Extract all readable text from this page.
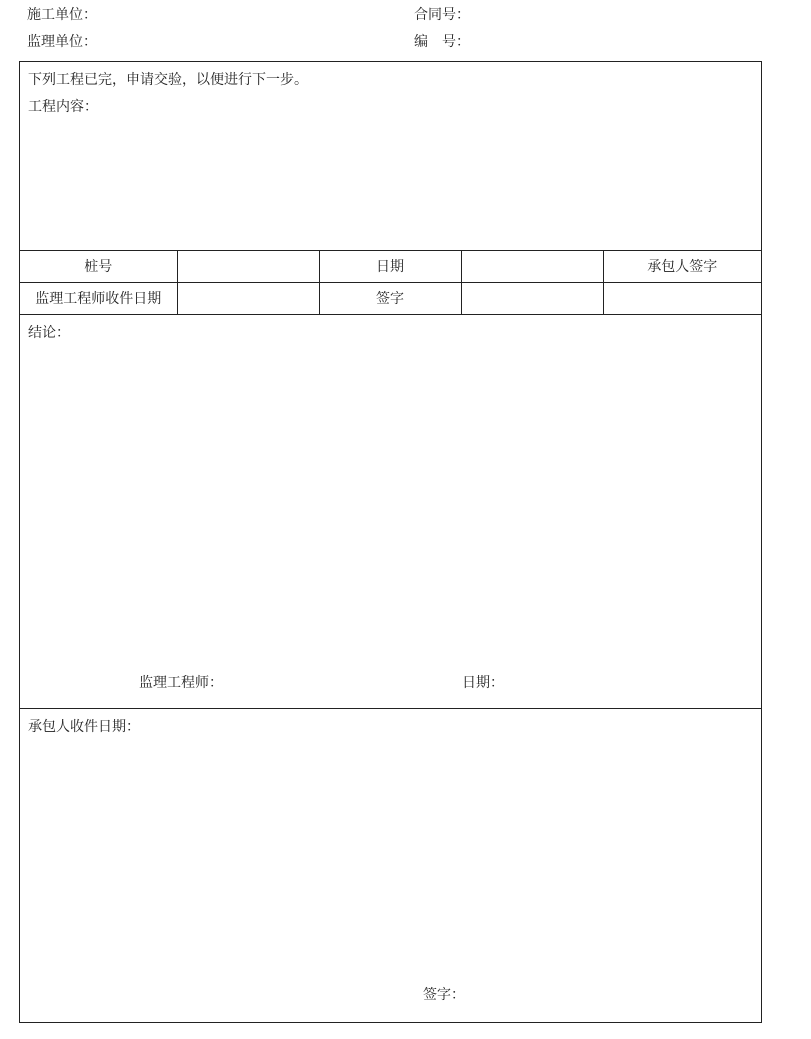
施工单位：	合同号：
监理单位：	编　号：
下列工程已完，申请交验，以便进行下一步。
工程内容：
桩号		日期		承包人签字
监理工程师收件日期		签字		
结论：
监理工程师：	日期：
承包人收件日期：
签字：
